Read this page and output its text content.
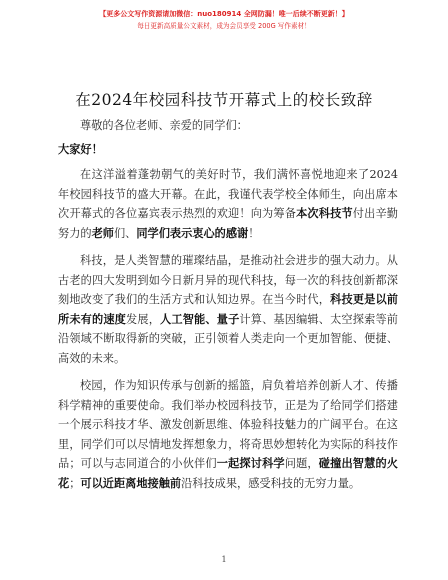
【更多公文写作资源请加微信：nuo180914 全网防漏！唯一后续不断更新！】
每日更新高质量公文素材，成为会员享受 200G 写作素材！
在2024年校园科技节开幕式上的校长致辞

尊敬的各位老师、亲爱的同学们：

大家好！

在这洋溢着蓬勃朝气的美好时节，我们满怀喜悦地迎来了2024年校园科技节的盛大开幕。在此，我谨代表学校全体师生，向出席本次开幕式的各位嘉宾表示热烈的欢迎！向为筹备本次科技节付出辛勤努力的老师们、同学们表示衷心的感谢！

科技，是人类智慧的璀璨结晶，是推动社会进步的强大动力。从古老的四大发明到如今日新月异的现代科技，每一次的科技创新都深刻地改变了我们的生活方式和认知边界。在当今时代，科技更是以前所未有的速度发展，人工智能、量子计算、基因编辑、太空探索等前沿领域不断取得新的突破，正引领着人类走向一个更加智能、便捷、高效的未来。

校园，作为知识传承与创新的摇篮，肩负着培养创新人才、传播科学精神的重要使命。我们举办校园科技节，正是为了给同学们搭建一个展示科技才华、激发创新思维、体验科技魅力的广阔平台。在这里，同学们可以尽情地发挥想象力，将奇思妙想转化为实际的科技作品；可以与志同道合的小伙伴们一起探讨科学问题，碰撞出智慧的火花；可以近距离地接触前沿科技成果，感受科技的无穷力量。

1
